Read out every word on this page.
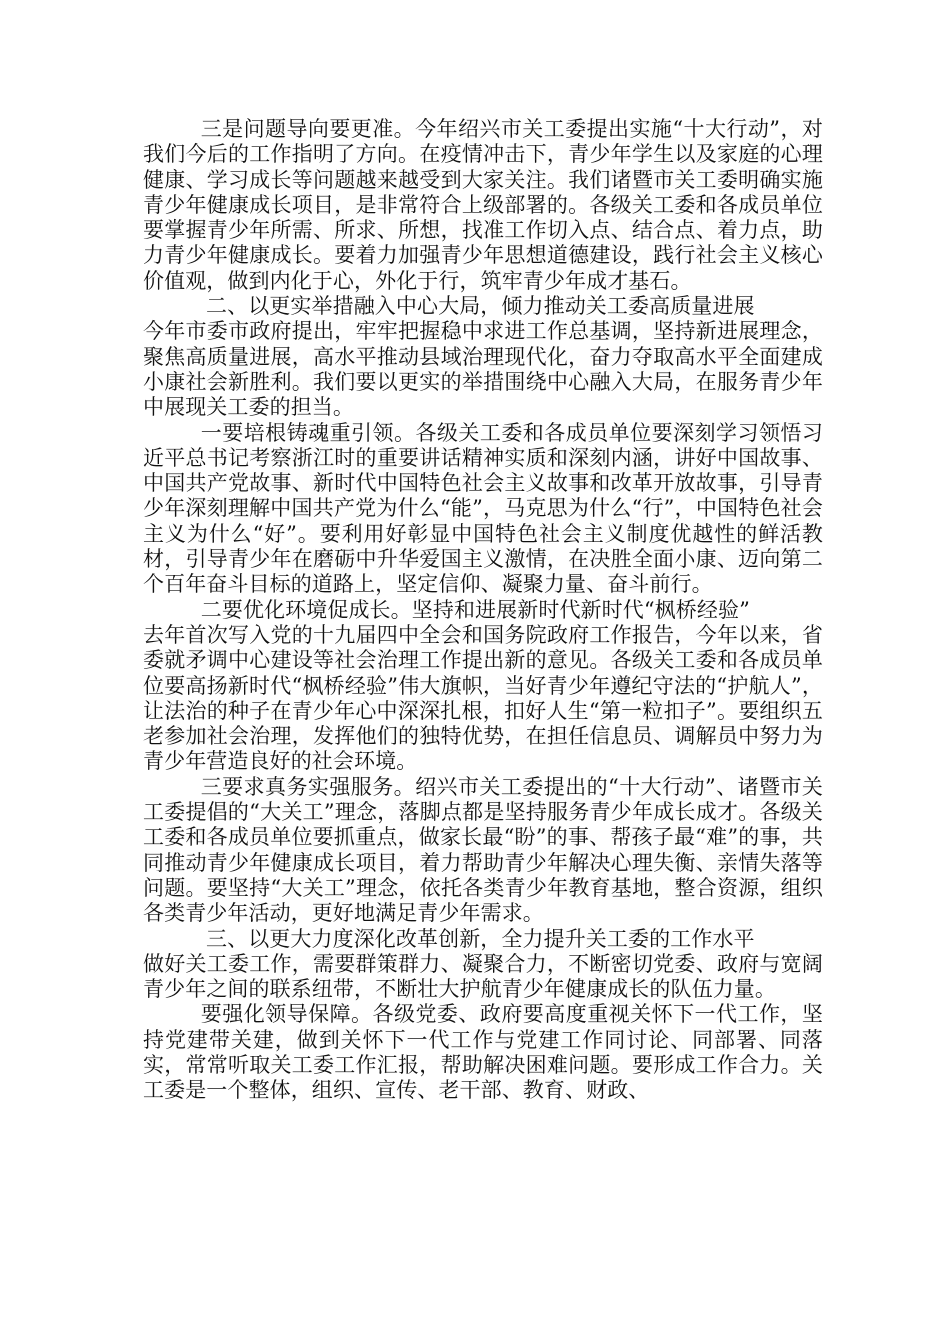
三是问题导向要更准。今年绍兴市关工委提出实施“十大行动”，对我们今后的工作指明了方向。在疫情冲击下，青少年学生以及家庭的心理健康、学习成长等问题越来越受到大家关注。我们诸暨市关工委明确实施青少年健康成长项目，是非常符合上级部署的。各级关工委和各成员单位要掌握青少年所需、所求、所想，找准工作切入点、结合点、着力点，助力青少年健康成长。要着力加强青少年思想道德建设，践行社会主义核心价值观，做到内化于心，外化于行，筑牢青少年成才基石。

二、以更实举措融入中心大局，倾力推动关工委高质量进展

今年市委市政府提出，牢牢把握稳中求进工作总基调，坚持新进展理念，聚焦高质量进展，高水平推动县域治理现代化，奋力夺取高水平全面建成小康社会新胜利。我们要以更实的举措围绕中心融入大局，在服务青少年中展现关工委的担当。

一要培根铸魂重引领。各级关工委和各成员单位要深刻学习领悟习近平总书记考察浙江时的重要讲话精神实质和深刻内涵，讲好中国故事、中国共产党故事、新时代中国特色社会主义故事和改革开放故事，引导青少年深刻理解中国共产党为什么“能”，马克思为什么“行”，中国特色社会主义为什么“好”。要利用好彰显中国特色社会主义制度优越性的鲜活教材，引导青少年在磨砺中升华爱国主义激情，在决胜全面小康、迈向第二个百年奋斗目标的道路上，坚定信仰、凝聚力量、奋斗前行。

二要优化环境促成长。坚持和进展新时代新时代“枫桥经验”

去年首次写入党的十九届四中全会和国务院政府工作报告，今年以来，省委就矛调中心建设等社会治理工作提出新的意见。各级关工委和各成员单位要高扬新时代“枫桥经验”伟大旗帜，当好青少年遵纪守法的“护航人”，让法治的种子在青少年心中深深扎根，扣好人生“第一粒扣子”。要组织五老参加社会治理，发挥他们的独特优势，在担任信息员、调解员中努力为青少年营造良好的社会环境。

三要求真务实强服务。绍兴市关工委提出的“十大行动”、诸暨市关工委提倡的“大关工”理念，落脚点都是坚持服务青少年成长成才。各级关工委和各成员单位要抓重点，做家长最“盼”的事、帮孩子最“难”的事，共同推动青少年健康成长项目，着力帮助青少年解决心理失衡、亲情失落等问题。要坚持“大关工”理念，依托各类青少年教育基地，整合资源，组织各类青少年活动，更好地满足青少年需求。

三、以更大力度深化改革创新，全力提升关工委的工作水平

做好关工委工作，需要群策群力、凝聚合力，不断密切党委、政府与宽阔青少年之间的联系纽带，不断壮大护航青少年健康成长的队伍力量。

要强化领导保障。各级党委、政府要高度重视关怀下一代工作，坚持党建带关建，做到关怀下一代工作与党建工作同讨论、同部署、同落实，常常听取关工委工作汇报，帮助解决困难问题。要形成工作合力。关工委是一个整体，组织、宣传、老干部、教育、财政、
